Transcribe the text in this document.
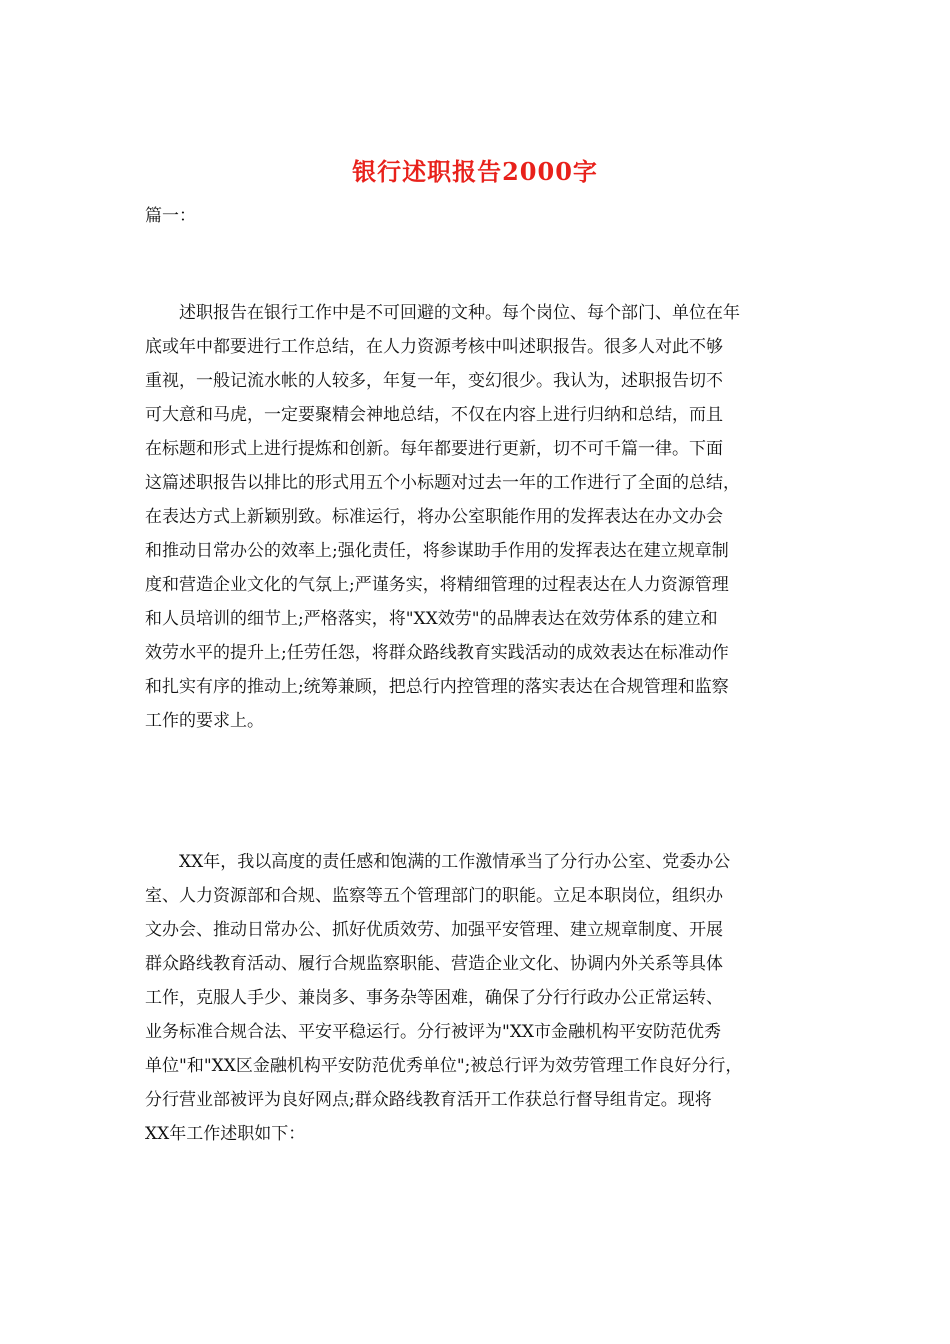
银行述职报告2000字
篇一：
述职报告在银行工作中是不可回避的文种。每个岗位、每个部门、单位在年
底或年中都要进行工作总结，在人力资源考核中叫述职报告。很多人对此不够
重视，一般记流水帐的人较多，年复一年，变幻很少。我认为，述职报告切不
可大意和马虎，一定要聚精会神地总结，不仅在内容上进行归纳和总结，而且
在标题和形式上进行提炼和创新。每年都要进行更新，切不可千篇一律。下面
这篇述职报告以排比的形式用五个小标题对过去一年的工作进行了全面的总结，
在表达方式上新颖别致。标准运行，将办公室职能作用的发挥表达在办文办会
和推动日常办公的效率上;强化责任，将参谋助手作用的发挥表达在建立规章制
度和营造企业文化的气氛上;严谨务实，将精细管理的过程表达在人力资源管理
和人员培训的细节上;严格落实，将"XX效劳"的品牌表达在效劳体系的建立和
效劳水平的提升上;任劳任怨，将群众路线教育实践活动的成效表达在标准动作
和扎实有序的推动上;统筹兼顾，把总行内控管理的落实表达在合规管理和监察
工作的要求上。
XX年，我以高度的责任感和饱满的工作激情承当了分行办公室、党委办公
室、人力资源部和合规、监察等五个管理部门的职能。立足本职岗位，组织办
文办会、推动日常办公、抓好优质效劳、加强平安管理、建立规章制度、开展
群众路线教育活动、履行合规监察职能、营造企业文化、协调内外关系等具体
工作，克服人手少、兼岗多、事务杂等困难，确保了分行行政办公正常运转、
业务标准合规合法、平安平稳运行。分行被评为"XX市金融机构平安防范优秀
单位"和"XX区金融机构平安防范优秀单位";被总行评为效劳管理工作良好分行，
分行营业部被评为良好网点;群众路线教育活开工作获总行督导组肯定。现将
XX年工作述职如下：
